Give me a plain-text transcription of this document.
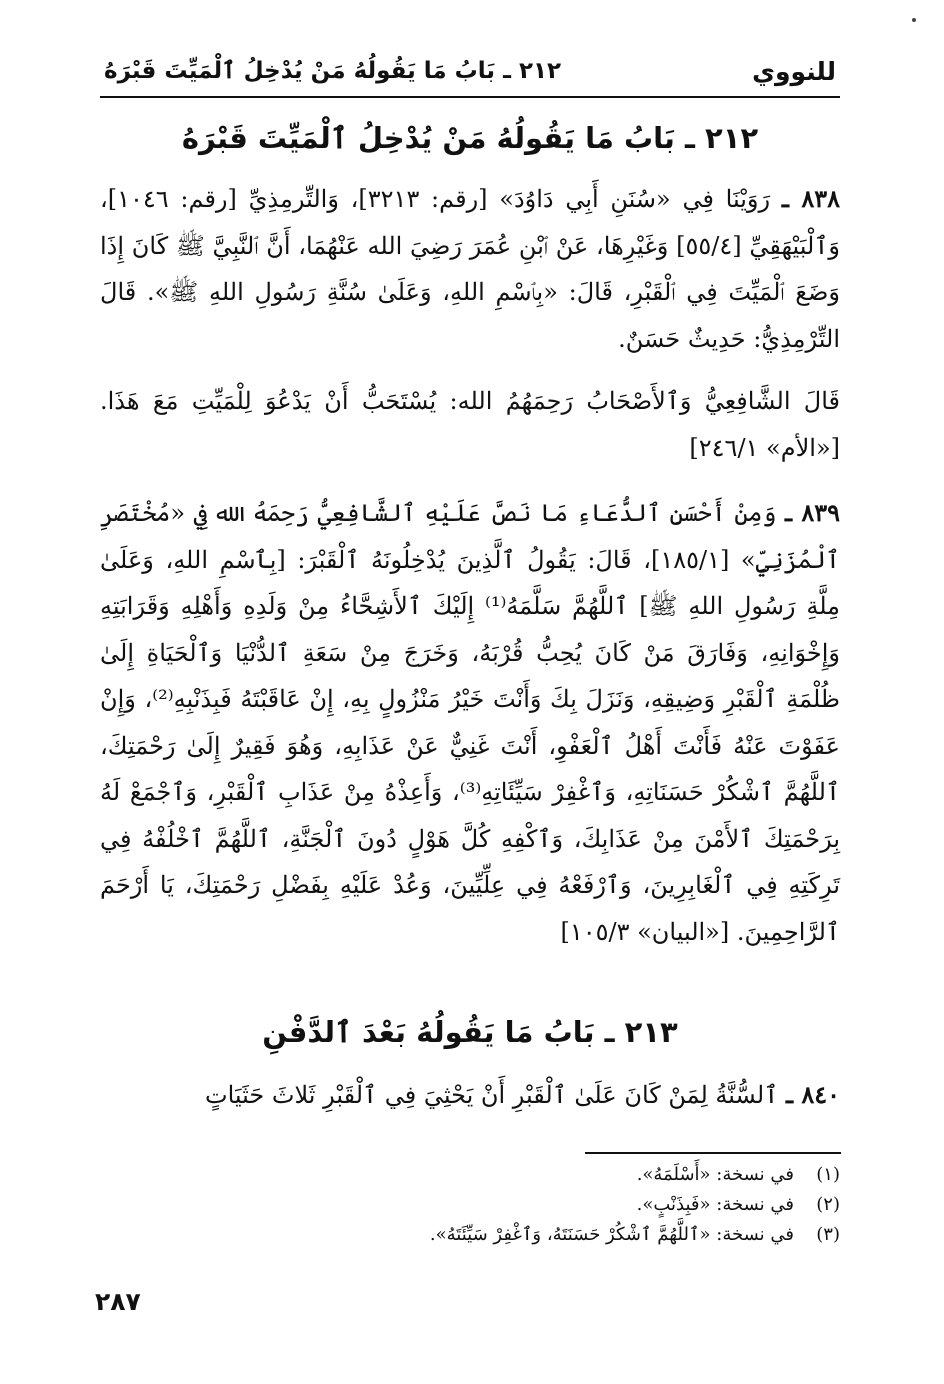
للنووي
٢١٢ ـ بَابُ مَا يَقُولُهُ مَنْ يُدْخِلُ ٱلْمَيِّتَ قَبْرَهُ
٢١٢ ـ بَابُ مَا يَقُولُهُ مَنْ يُدْخِلُ ٱلْمَيِّتَ قَبْرَهُ

٨٣٨ ـ رَوَيْنَا فِي «سُنَنِ أَبِي دَاوُدَ» [رقم: ٣٢١٣]، وَالتِّرمِذِيِّ [رقم: ١٠٤٦]، وَٱلْبَيْهَقِيِّ [٥٥/٤] وَغَيْرِهَا، عَنْ ٱبْنِ عُمَرَ رَضِيَ الله عَنْهُمَا، أَنَّ ٱلنَّبِيَّ ﷺ كَانَ إِذَا وَضَعَ ٱلْمَيِّتَ فِي ٱلْقَبْرِ، قَالَ: «بِٱسْمِ اللهِ، وَعَلَىٰ سُنَّةِ رَسُولِ اللهِ ﷺ». قَالَ التِّرْمِذِيُّ: حَدِيثٌ حَسَنٌ.

قَالَ الشَّافِعِيُّ وَٱلأَصْحَابُ رَحِمَهُمُ الله: يُسْتَحَبُّ أَنْ يَدْعُوَ لِلْمَيِّتِ مَعَ هَذَا. [«الأم» ٢٤٦/١]

٨٣٩ ـ وَمِنْ أَحْسَنِ ٱلدُّعَاءِ مَا نَصَّ عَلَيْهِ ٱلشَّافِعِيُّ رَحِمَهُ الله فِي «مُخْتَصَرِ ٱلْمُزَنِيِّ» [١٨٥/١]، قَالَ: يَقُولُ ٱلَّذِينَ يُدْخِلُونَهُ ٱلْقَبْرَ: [بِٱسْمِ اللهِ، وَعَلَىٰ مِلَّةِ رَسُولِ اللهِ ﷺ] ٱللَّهُمَّ سَلَّمَهُ⁽¹⁾ إِلَيْكَ ٱلأَشِحَّاءُ مِنْ وَلَدِهِ وَأَهْلِهِ وَقَرَابَتِهِ وَإِخْوَانِهِ، وَفَارَقَ مَنْ كَانَ يُحِبُّ قُرْبَهُ، وَخَرَجَ مِنْ سَعَةِ ٱلدُّنْيَا وَٱلْحَيَاةِ إِلَىٰ ظُلْمَةِ ٱلْقَبْرِ وَضِيقِهِ، وَنَزَلَ بِكَ وَأَنْتَ خَيْرُ مَنْزُولٍ بِهِ، إِنْ عَاقَبْتَهُ فَبِذَنْبِهِ⁽²⁾، وَإِنْ عَفَوْتَ عَنْهُ فَأَنْتَ أَهْلُ ٱلْعَفْوِ، أَنْتَ غَنِيٌّ عَنْ عَذَابِهِ، وَهُوَ فَقِيرٌ إِلَىٰ رَحْمَتِكَ، ٱللَّهُمَّ ٱشْكُرْ حَسَنَاتِهِ، وَٱغْفِرْ سَيِّئَاتِهِ⁽³⁾، وَأَعِذْهُ مِنْ عَذَابِ ٱلْقَبْرِ، وَٱجْمَعْ لَهُ بِرَحْمَتِكَ ٱلأَمْنَ مِنْ عَذَابِكَ، وَٱكْفِهِ كُلَّ هَوْلٍ دُونَ ٱلْجَنَّةِ، ٱللَّهُمَّ ٱخْلُفْهُ فِي تَرِكَتِهِ فِي ٱلْغَابِرِينَ، وَٱرْفَعْهُ فِي عِلِّيِّينَ، وَعُدْ عَلَيْهِ بِفَضْلِ رَحْمَتِكَ، يَا أَرْحَمَ ٱلرَّاحِمِينَ. [«البيان» ١٠٥/٣]

٢١٣ ـ بَابُ مَا يَقُولُهُ بَعْدَ ٱلدَّفْنِ

٨٤٠ ـ ٱلسُّنَّةُ لِمَنْ كَانَ عَلَىٰ ٱلْقَبْرِ أَنْ يَحْثِيَ فِي ٱلْقَبْرِ ثَلاثَ حَثَيَاتٍ

(١)
في نسخة: «أَسْلَمَهُ».
(٢)
في نسخة: «فَبِذَنْبٍ».
(٣)
في نسخة: «ٱللَّهُمَّ ٱشْكُرْ حَسَنَتَهُ، وَٱغْفِرْ سَيِّئَتَهُ».
٢٨٧
